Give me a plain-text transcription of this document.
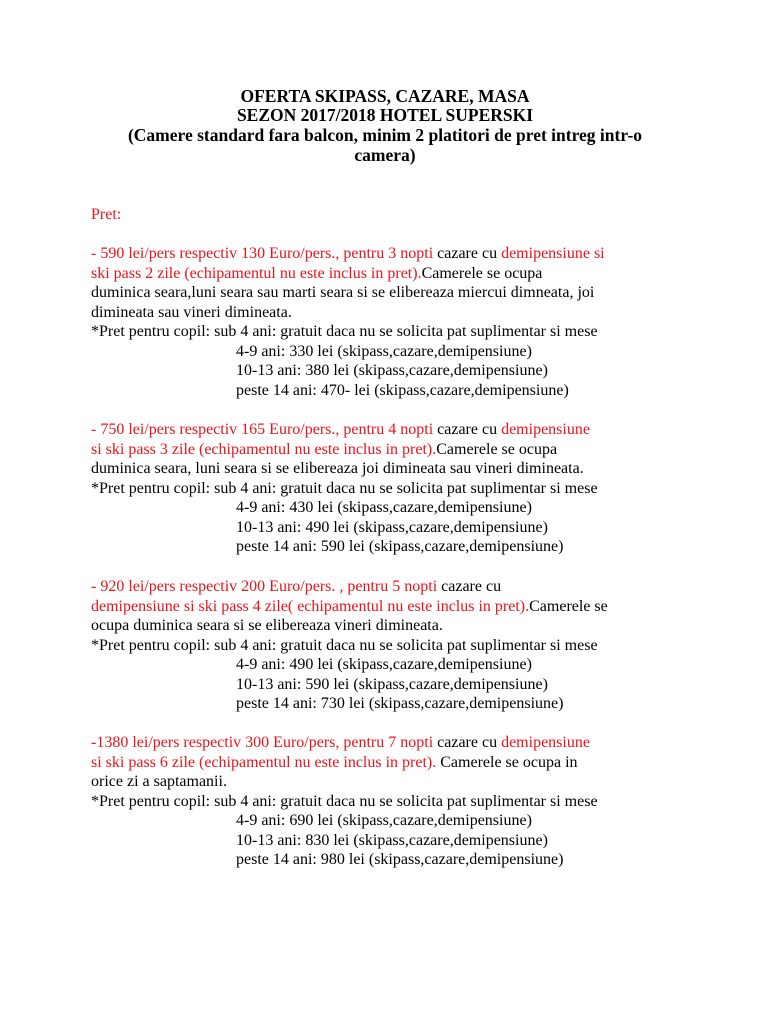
OFERTA SKIPASS, CAZARE, MASA
SEZON 2017/2018 HOTEL SUPERSKI
(Camere standard fara balcon, minim 2 platitori de pret intreg intr-o
camera)
Pret:
- 590 lei/pers respectiv 130 Euro/pers., pentru 3 nopti cazare cu demipensiune si
ski pass 2 zile (echipamentul nu este inclus in pret).Camerele se ocupa
duminica seara,luni seara sau marti seara si se elibereaza miercui dimneata, joi
dimineata sau vineri dimineata.
*Pret pentru copil: sub 4 ani: gratuit daca nu se solicita pat suplimentar si mese
4-9 ani: 330 lei (skipass,cazare,demipensiune)
10-13 ani: 380 lei (skipass,cazare,demipensiune)
peste 14 ani: 470- lei (skipass,cazare,demipensiune)
- 750 lei/pers respectiv 165 Euro/pers., pentru 4 nopti cazare cu demipensiune
si ski pass 3 zile (echipamentul nu este inclus in pret).Camerele se ocupa
duminica seara, luni seara si se elibereaza joi dimineata sau vineri dimineata.
*Pret pentru copil: sub 4 ani: gratuit daca nu se solicita pat suplimentar si mese
4-9 ani: 430 lei (skipass,cazare,demipensiune)
10-13 ani: 490 lei (skipass,cazare,demipensiune)
peste 14 ani: 590 lei (skipass,cazare,demipensiune)
- 920 lei/pers respectiv 200 Euro/pers. , pentru 5 nopti cazare cu
demipensiune si ski pass 4 zile( echipamentul nu este inclus in pret).Camerele se
ocupa duminica seara si se elibereaza vineri dimineata.
*Pret pentru copil: sub 4 ani: gratuit daca nu se solicita pat suplimentar si mese
4-9 ani: 490 lei (skipass,cazare,demipensiune)
10-13 ani: 590 lei (skipass,cazare,demipensiune)
peste 14 ani: 730 lei (skipass,cazare,demipensiune)
-1380 lei/pers respectiv 300 Euro/pers, pentru 7 nopti cazare cu demipensiune
si ski pass 6 zile (echipamentul nu este inclus in pret). Camerele se ocupa in
orice zi a saptamanii.
*Pret pentru copil: sub 4 ani: gratuit daca nu se solicita pat suplimentar si mese
4-9 ani: 690 lei (skipass,cazare,demipensiune)
10-13 ani: 830 lei (skipass,cazare,demipensiune)
peste 14 ani: 980 lei (skipass,cazare,demipensiune)
